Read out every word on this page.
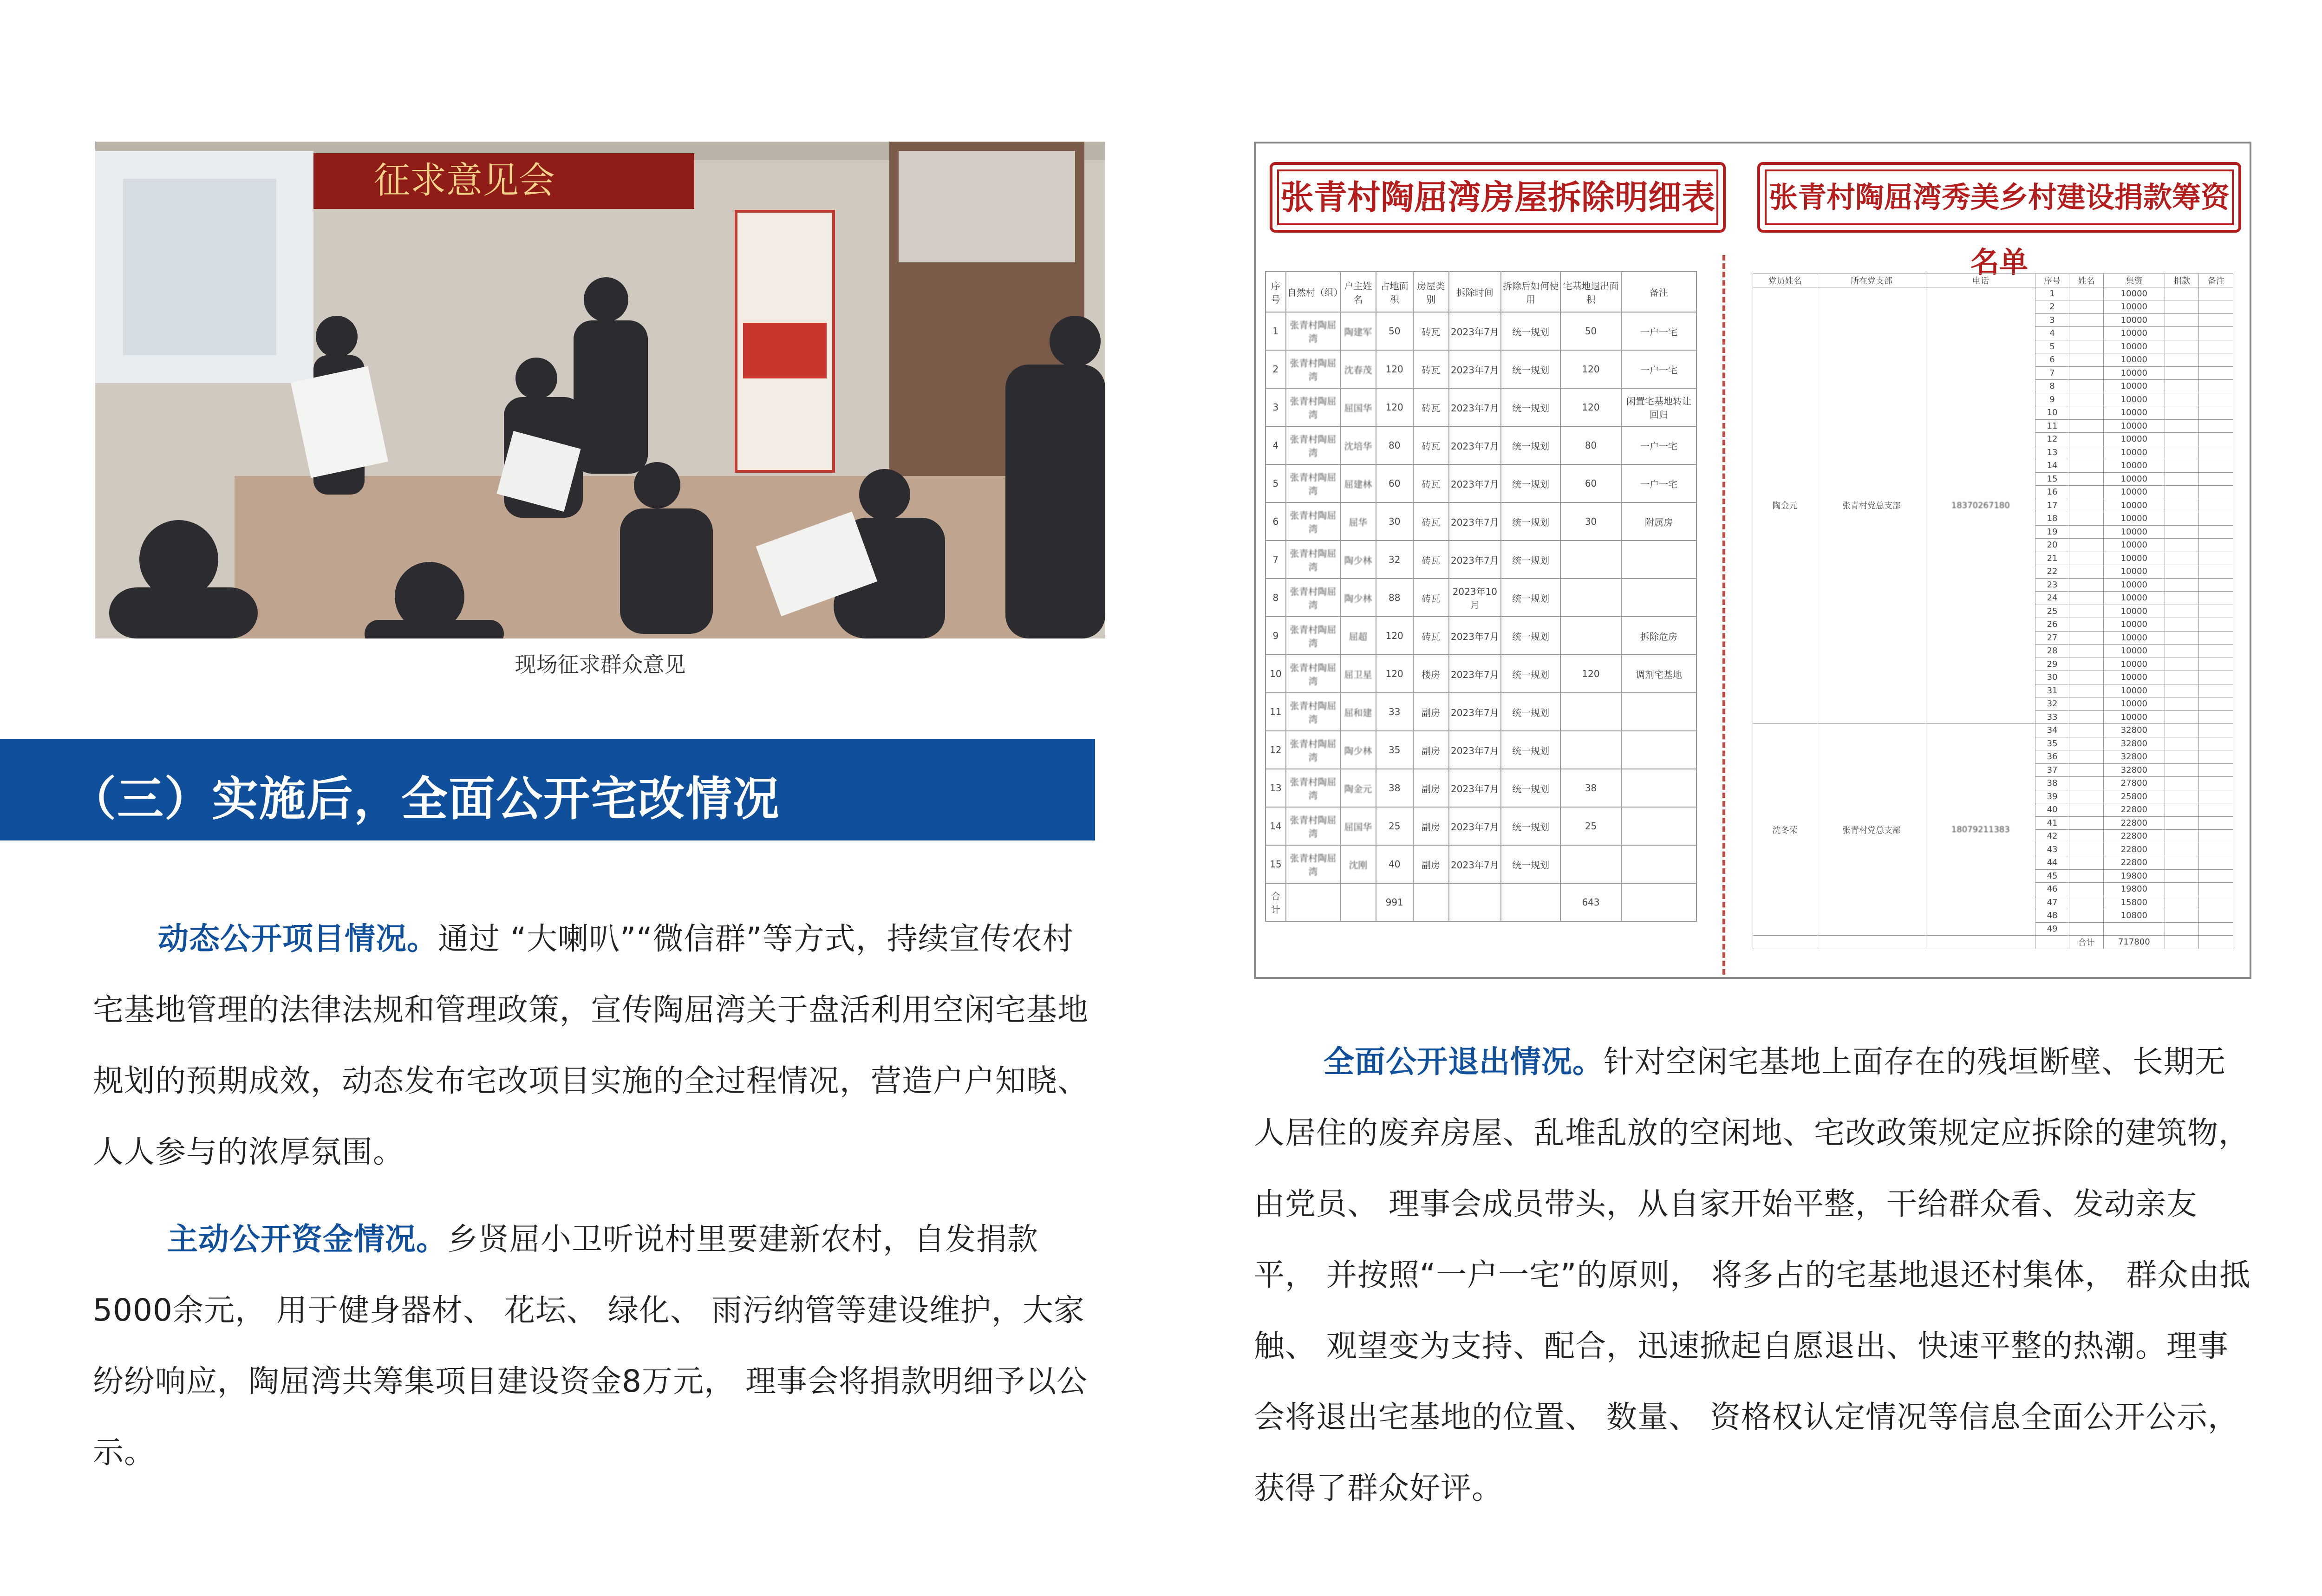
征求意见会
现场征求群众意见
（三）实施后，全面公开宅改情况
动态公开项目情况。通过 “大喇叭”“微信群”等方式，持续宣传农村宅基地管理的法律法规和管理政策，宣传陶屈湾关于盘活利用空闲宅基地规划的预期成效，动态发布宅改项目实施的全过程情况，营造户户知晓、人人参与的浓厚氛围。
主动公开资金情况。乡贤屈小卫听说村里要建新农村，自发捐款5000余元， 用于健身器材、 花坛、 绿化、 雨污纳管等建设维护，大家纷纷响应，陶屈湾共筹集项目建设资金8万元， 理事会将捐款明细予以公示。
全面公开退出情况。针对空闲宅基地上面存在的残垣断壁、长期无人居住的废弃房屋、乱堆乱放的空闲地、宅改政策规定应拆除的建筑物， 由党员、 理事会成员带头，从自家开始平整，干给群众看、发动亲友平， 并按照“一户一宅”的原则， 将多占的宅基地退还村集体， 群众由抵触、 观望变为支持、配合，迅速掀起自愿退出、快速平整的热潮。理事会将退出宅基地的位置、 数量、 资格权认定情况等信息全面公开公示，获得了群众好评。
张青村陶屈湾房屋拆除明细表	张青村陶屈湾秀美乡村建设捐款筹资名单
序号	自然村（组）	户主姓名	占地面积	房屋类别	拆除时间	拆除后如何使用	宅基地退出面积	备注
1	张青村陶屈湾	陶建军	50	砖瓦	2023年7月	统一规划	50	一户一宅
2	张青村陶屈湾	沈春茂	120	砖瓦	2023年7月	统一规划	120	一户一宅
3	张青村陶屈湾	屈国华	120	砖瓦	2023年7月	统一规划	120	闲置宅基地转让回归
4	张青村陶屈湾	沈培华	80	砖瓦	2023年7月	统一规划	80	一户一宅
5	张青村陶屈湾	屈建林	60	砖瓦	2023年7月	统一规划	60	一户一宅
6	张青村陶屈湾	屈华	30	砖瓦	2023年7月	统一规划	30	附属房
7	张青村陶屈湾	陶少林	32	砖瓦	2023年7月	统一规划		
8	张青村陶屈湾	陶少林	88	砖瓦	2023年10月	统一规划		
9	张青村陶屈湾	屈超	120	砖瓦	2023年7月	统一规划		拆除危房
10	张青村陶屈湾	屈卫星	120	楼房	2023年7月	统一规划	120	调剂宅基地
11	张青村陶屈湾	屈和建	33	副房	2023年7月	统一规划		
12	张青村陶屈湾	陶少林	35	副房	2023年7月	统一规划		
13	张青村陶屈湾	陶金元	38	副房	2023年7月	统一规划	38	
14	张青村陶屈湾	屈国华	25	副房	2023年7月	统一规划	25	
15	张青村陶屈湾	沈刚	40	副房	2023年7月	统一规划		
合计			991				643	
党员姓名	所在党支部	电话	序号	姓名	集资	捐款	备注
陶金元	张青村党总支部	18370267180	1		10000		
			2		10000		
			3		10000		
			4		10000		
			5		10000		
			6		10000		
			7		10000		
			8		10000		
			9		10000		
			10		10000		
			11		10000		
			12		10000		
			13		10000		
			14		10000		
			15		10000		
			16		10000		
			17		10000		
			18		10000		
			19		10000		
			20		10000		
			21		10000		
			22		10000		
			23		10000		
			24		10000		
			25		10000		
			26		10000		
			27		10000		
			28		10000		
			29		10000		
			30		10000		
			31		10000		
			32		10000		
			33		10000		
沈冬荣	张青村党总支部	18079211383	34		32800		
			35		32800		
			36		32800		
			37		32800		
			38		27800		
			39		25800		
			40		22800		
			41		22800		
			42		22800		
			43		22800		
			44		22800		
			45		19800		
			46		19800		
			47		15800		
			48		10800		
			49				
				合计	717800		
